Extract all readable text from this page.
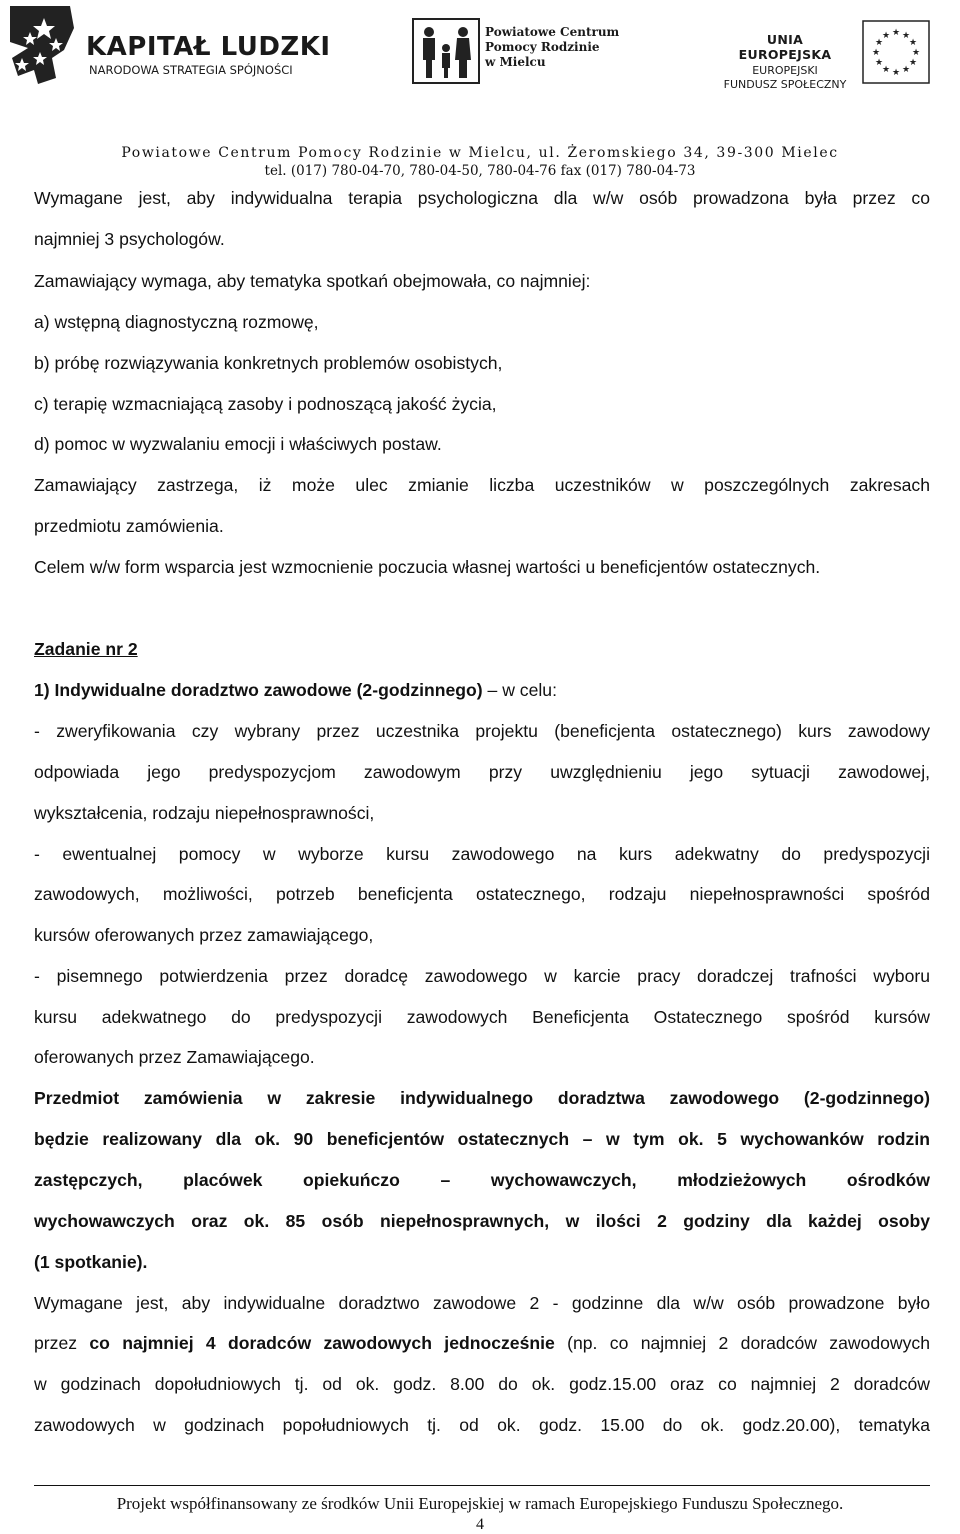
KAPITAŁ LUDZKI
NARODOWA STRATEGIA SPÓJNOŚCI
Powiatowe Centrum
Pomocy Rodzinie
w Mielcu
UNIA EUROPEJSKA
EUROPEJSKI
FUNDUSZ SPOŁECZNY
★ ★
★
★
★
★
★
★
★
★
★
★
Powiatowe Centrum Pomocy Rodzinie w Mielcu, ul. Żeromskiego 34, 39-300 Mielec
tel. (017) 780-04-70, 780-04-50, 780-04-76 fax (017) 780-04-73
Wymagane jest, aby indywidualna terapia psychologiczna dla w/w osób prowadzona była przez co
najmniej 3 psychologów.
Zamawiający wymaga, aby tematyka spotkań obejmowała, co najmniej:
a) wstępną diagnostyczną rozmowę,
b) próbę rozwiązywania konkretnych problemów osobistych,
c) terapię wzmacniającą zasoby i podnoszącą jakość życia,
d) pomoc w wyzwalaniu emocji i właściwych postaw.
Zamawiający zastrzega, iż może ulec zmianie liczba uczestników w poszczególnych zakresach
przedmiotu zamówienia.
Celem w/w form wsparcia jest wzmocnienie poczucia własnej wartości u beneficjentów ostatecznych.
Zadanie nr 2
1) Indywidualne doradztwo zawodowe (2-godzinnego) – w celu:
- zweryfikowania czy wybrany przez uczestnika projektu (beneficjenta ostatecznego) kurs zawodowy
odpowiada jego predyspozycjom zawodowym przy uwzględnieniu jego sytuacji zawodowej,
wykształcenia, rodzaju niepełnosprawności,
- ewentualnej pomocy w wyborze kursu zawodowego na kurs adekwatny do predyspozycji
zawodowych, możliwości, potrzeb beneficjenta ostatecznego, rodzaju niepełnosprawności spośród
kursów oferowanych przez zamawiającego,
- pisemnego potwierdzenia przez doradcę zawodowego w karcie pracy doradczej trafności wyboru
kursu adekwatnego do predyspozycji zawodowych Beneficjenta Ostatecznego spośród kursów
oferowanych przez Zamawiającego.
Przedmiot zamówienia w zakresie indywidualnego doradztwa zawodowego (2-godzinnego)
będzie realizowany dla ok. 90 beneficjentów ostatecznych – w tym ok. 5 wychowanków rodzin
zastępczych, placówek opiekuńczo – wychowawczych, młodzieżowych ośrodków
wychowawczych oraz ok. 85 osób niepełnosprawnych, w ilości 2 godziny dla każdej osoby
(1 spotkanie).
Wymagane jest, aby indywidualne doradztwo zawodowe 2 - godzinne dla w/w osób prowadzone było
przez co najmniej 4 doradców zawodowych jednocześnie (np. co najmniej 2 doradców zawodowych
w godzinach dopołudniowych tj. od ok. godz. 8.00 do ok. godz.15.00 oraz co najmniej 2 doradców
zawodowych w godzinach popołudniowych tj. od ok. godz. 15.00 do ok. godz.20.00), tematyka
Projekt współfinansowany ze środków Unii Europejskiej w ramach Europejskiego Funduszu Społecznego.
4
